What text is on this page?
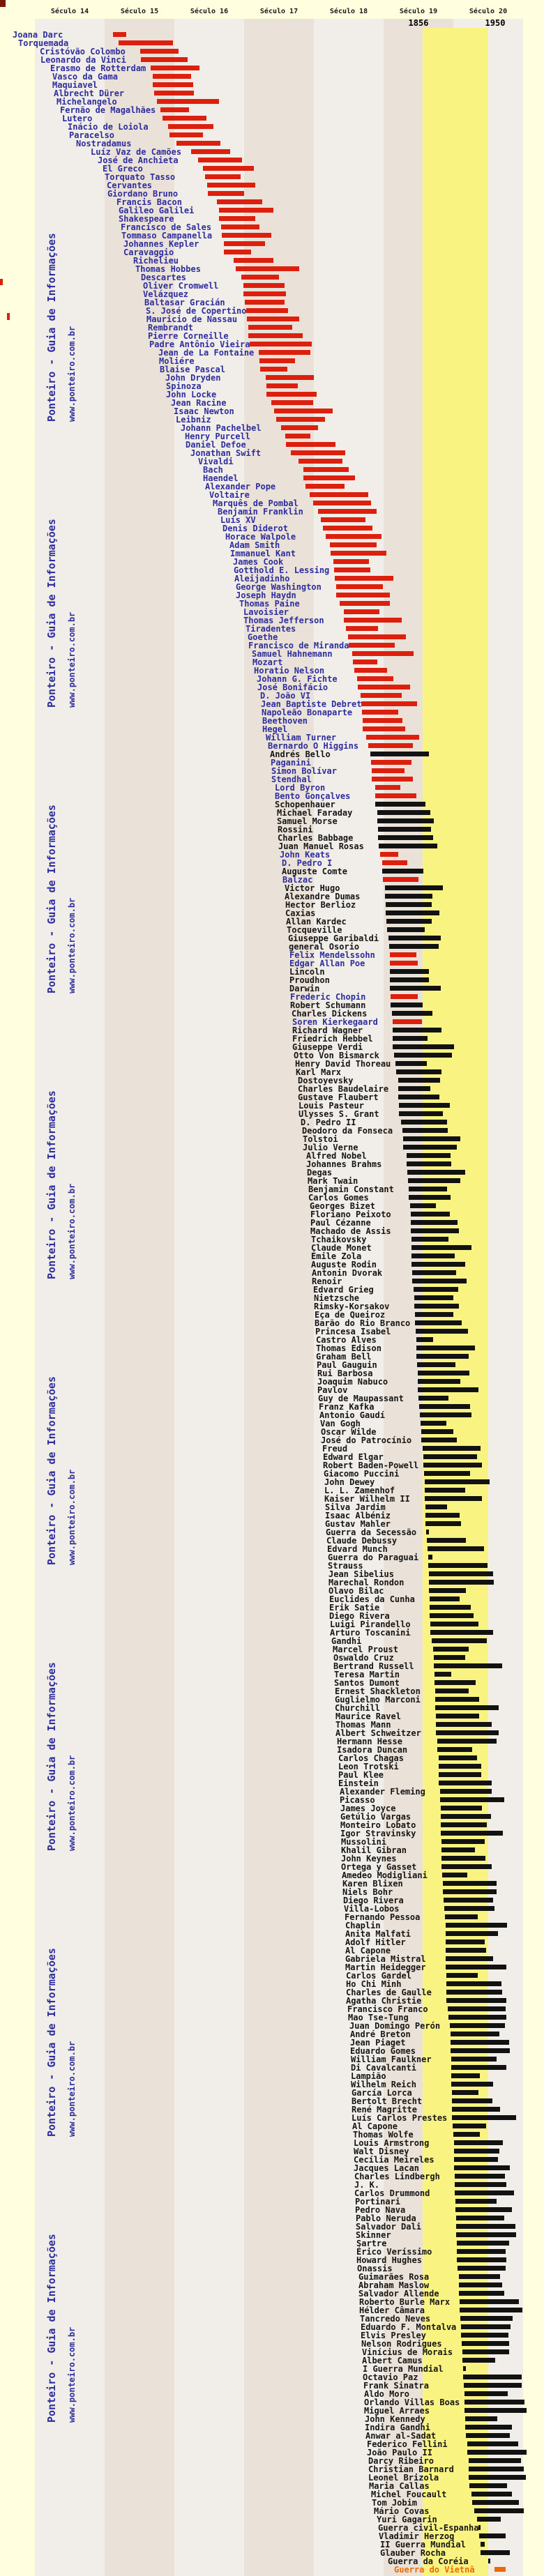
Século 14	Século 15	Século 16	Século 17	Século 18	Século 19	Século 20
1856	1950
Joana Darc
Torquemada
Cristóvão Colombo
Leonardo da Vinci
Erasmo de Rotterdam
Vasco da Gama
Maquiavel
Albrecht Dürer
Michelangelo
Fernão de Magalhães
Lutero
Inácio de Loiola
Paracelso
Nostradamus
Luíz Vaz de Camões
José de Anchieta
El Greco
Torquato Tasso
Cervantes
Giordano Bruno
Francis Bacon
Galileo Galilei
Shakespeare
Francisco de Sales
Tommaso Campanella
Johannes Kepler
Caravaggio
Richelieu
Thomas Hobbes
Descartes
Oliver Cromwell
Velázquez
Baltasar Gracián
S. José de Copertino
Mauricio de Nassau
Rembrandt
Pierre Corneille
Padre Antônio Vieira
Jean de La Fontaine
Moliére
Blaise Pascal
John Dryden
Spinoza
John Locke
Jean Racine
Isaac Newton
Leibniz
Johann Pachelbel
Henry Purcell
Daniel Defoe
Jonathan Swift
Vivaldi
Bach
Haendel
Alexander Pope
Voltaire
Marquês de Pombal
Benjamin Franklin
Luís XV
Denis Diderot
Horace Walpole
Adam Smith
Immanuel Kant
James Cook
Gotthold E. Lessing
Aleijadinho
George Washington
Joseph Haydn
Thomas Paine
Lavoisier
Thomas Jefferson
Tiradentes
Goethe
Francisco de Miranda
Samuel Hahnemann
Mozart
Horatio Nelson
Johann G. Fichte
José Bonifácio
D. João VI
Jean Baptiste Debret
Napoleão Bonaparte
Beethoven
Hegel
William Turner
Bernardo O Higgins
Andrés Bello
Paganini
Simon Bolívar
Stendhal
Lord Byron
Bento Gonçalves
Schopenhauer
Michael Faraday
Samuel Morse
Rossini
Charles Babbage
Juan Manuel Rosas
John Keats
D. Pedro I
Auguste Comte
Balzac
Victor Hugo
Alexandre Dumas
Hector Berlioz
Caxias
Allan Kardec
Tocqueville
Giuseppe Garibaldi
general Osorio
Felix Mendelssohn
Edgar Allan Poe
Lincoln
Proudhon
Darwin
Frederic Chopin
Robert Schumann
Charles Dickens
Soren Kierkegaard
Richard Wagner
Friedrich Hebbel
Giuseppe Verdi
Otto Von Bismarck
Henry David Thoreau
Karl Marx
Dostoyevsky
Charles Baudelaire
Gustave Flaubert
Louis Pasteur
Ulysses S. Grant
D. Pedro II
Deodoro da Fonseca
Tolstoi
Julio Verne
Alfred Nobel
Johannes Brahms
Degas
Mark Twain
Benjamin Constant
Carlos Gomes
Georges Bizet
Floriano Peixoto
Paul Cézanne
Machado de Assis
Tchaikovsky
Claude Monet
Émile Zola
Auguste Rodin
Antonin Dvorak
Renoir
Edvard Grieg
Nietzsche
Rimsky-Korsakov
Eça de Queiroz
Barão do Rio Branco
Princesa Isabel
Castro Alves
Thomas Edison
Graham Bell
Paul Gauguin
Rui Barbosa
Joaquim Nabuco
Pavlov
Guy de Maupassant
Franz Kafka
Antonio Gaudí
Van Gogh
Oscar Wilde
José do Patrocínio
Freud
Edward Elgar
Robert Baden-Powell
Giacomo Puccini
John Dewey
L. L. Zamenhof
Kaiser Wilhelm II
Silva Jardim
Isaac Albéniz
Gustav Mahler
Guerra da Secessão
Claude Debussy
Edvard Munch
Guerra do Paraguai
Strauss
Jean Sibelius
Marechal Rondon
Olavo Bilac
Euclides da Cunha
Erik Satie
Diego Rivera
Luigi Pirandello
Arturo Toscanini
Gandhi
Marcel Proust
Oswaldo Cruz
Bertrand Russell
Teresa Martin
Santos Dumont
Ernest Shackleton
Guglielmo Marconi
Churchill
Maurice Ravel
Thomas Mann
Albert Schweitzer
Hermann Hesse
Isadora Duncan
Carlos Chagas
Leon Trotski
Paul Klee
Einstein
Alexander Fleming
Picasso
James Joyce
Getúlio Vargas
Monteiro Lobato
Igor Stravinsky
Mussolini
Khalil Gibran
John Keynes
Ortega y Gasset
Amedeo Modigliani
Karen Blixen
Niels Bohr
Diego Rivera
Villa-Lobos
Fernando Pessoa
Chaplin
Anita Malfati
Adolf Hitler
Al Capone
Gabriela Mistral
Martin Heidegger
Carlos Gardel
Ho Chi Minh
Charles de Gaulle
Agatha Christie
Francisco Franco
Mao Tse-Tung
Juan Domingo Perón
André Breton
Jean Piaget
Eduardo Gomes
William Faulkner
Di Cavalcanti
Lampião
Wilhelm Reich
García Lorca
Bertolt Brecht
René Magritte
Luís Carlos Prestes
Al Capone
Thomas Wolfe
Louis Armstrong
Walt Disney
Cecília Meireles
Jacques Lacan
Charles Lindbergh
J. K.
Carlos Drummond
Portinari
Pedro Nava
Pablo Neruda
Salvador Dali
Skinner
Sartre
Érico Veríssimo
Howard Hughes
Onassis
Guimarães Rosa
Abraham Maslow
Salvador Allende
Roberto Burle Marx
Hélder Câmara
Tancredo Neves
Eduardo F. Montalva
Elvis Presley
Nelson Rodrigues
Vinícius de Morais
Albert Camus
I Guerra Mundial
Octavio Paz
Frank Sinatra
Aldo Moro
Orlando Villas Boas
Miguel Arraes
John Kennedy
Indira Gandhi
Anwar al-Sadat
Federico Fellini
João Paulo II
Darcy Ribeiro
Christian Barnard
Leonel Brizola
Maria Callas
Michel Foucault
Tom Jobim
Mário Covas
Yuri Gagarin
Guerra civil-Espanha
Vladimir Herzog
II Guerra Mundial
Glauber Rocha
Guerra da Coréia
Guerra do Vietnã
Ponteiro - Guia de Informações www.ponteiro.com.br
Ponteiro - Guia de Informações www.ponteiro.com.br
Ponteiro - Guia de Informações www.ponteiro.com.br
Ponteiro - Guia de Informações www.ponteiro.com.br
Ponteiro - Guia de Informações www.ponteiro.com.br
Ponteiro - Guia de Informações www.ponteiro.com.br
Ponteiro - Guia de Informações www.ponteiro.com.br
Ponteiro - Guia de Informações www.ponteiro.com.br
